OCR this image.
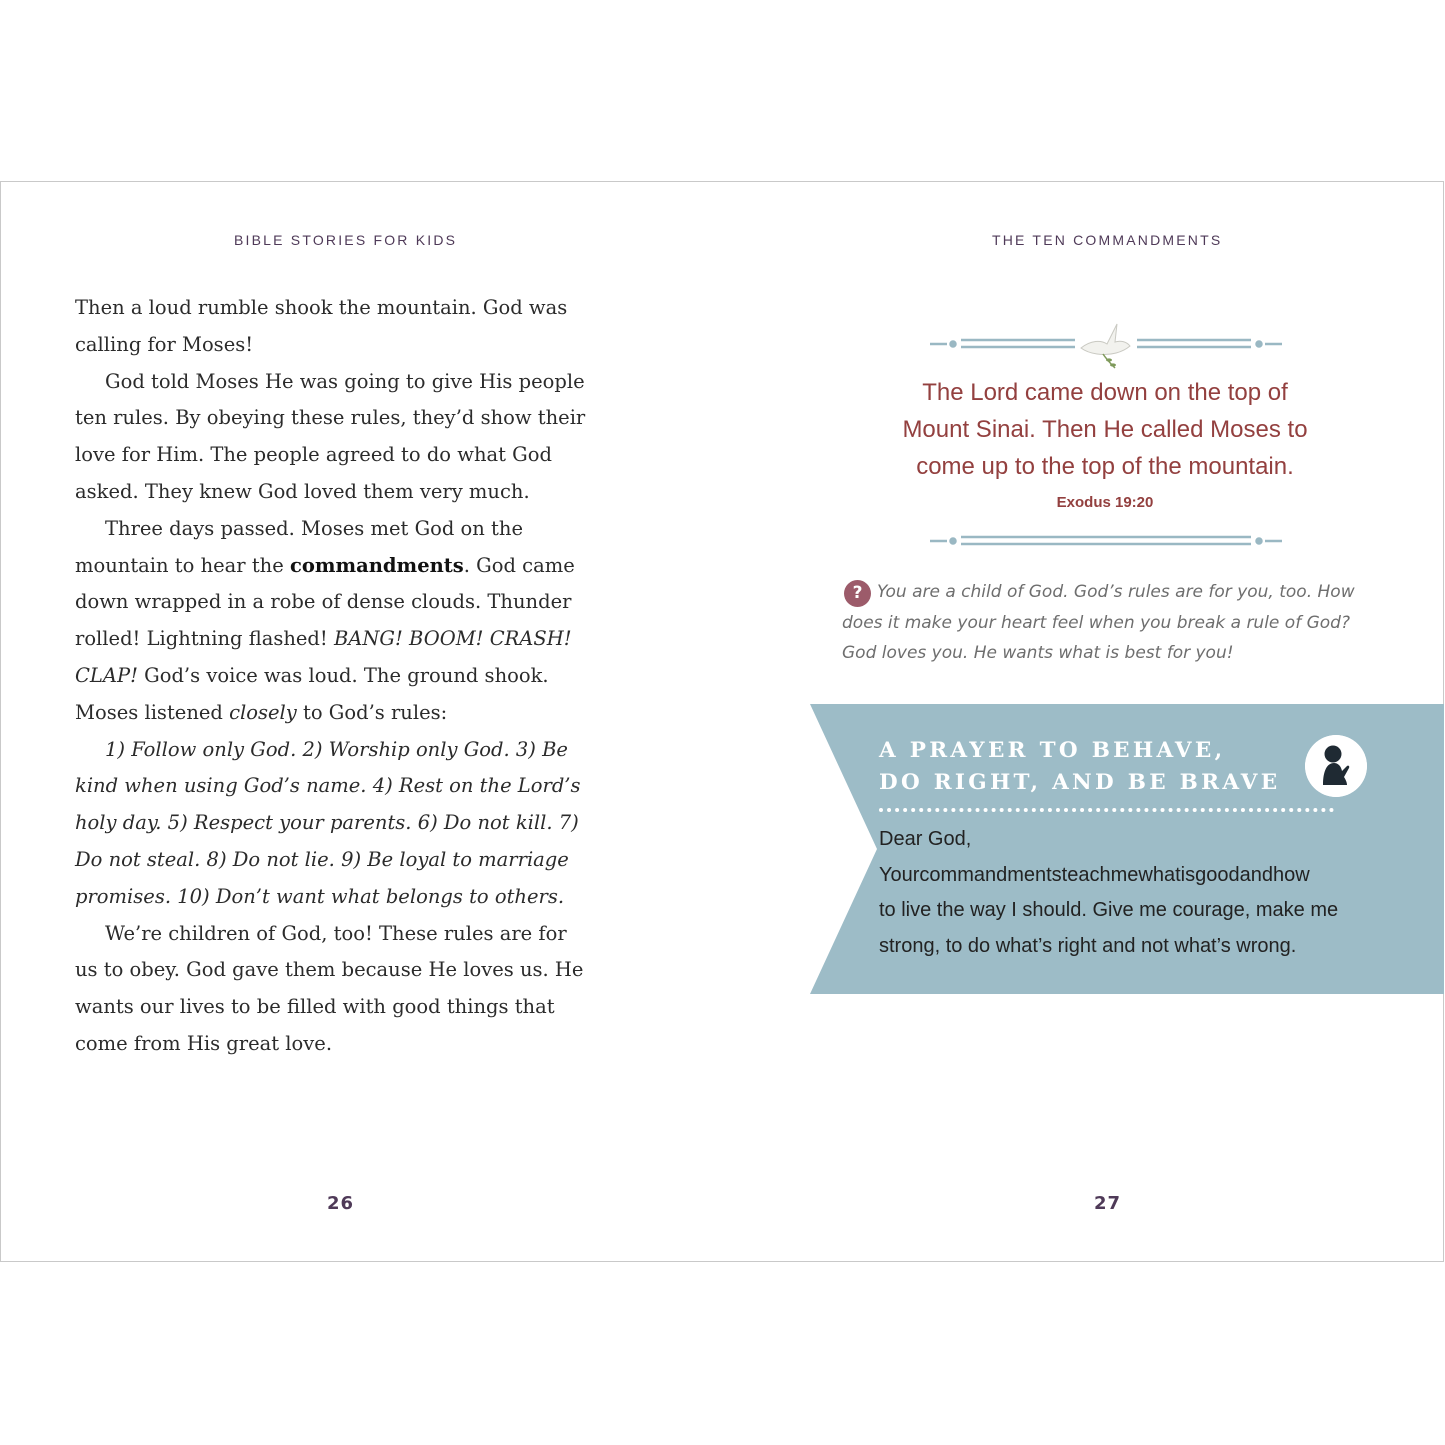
BIBLE STORIES FOR KIDS

Then a loud rumble shook the mountain. God was calling for Moses!

God told Moses He was going to give His people ten rules. By obeying these rules, they’d show their love for Him. The people agreed to do what God asked. They knew God loved them very much.

Three days passed. Moses met God on the mountain to hear the commandments. God came down wrapped in a robe of dense clouds. Thunder rolled! Lightning flashed! BANG! BOOM! CRASH! CLAP! God’s voice was loud. The ground shook. Moses listened closely to God’s rules:

1) Follow only God. 2) Worship only God. 3) Be kind when using God’s name. 4) Rest on the Lord’s holy day. 5) Respect your parents. 6) Do not kill. 7) Do not steal. 8) Do not lie. 9) Be loyal to marriage promises. 10) Don’t want what belongs to others.

We’re children of God, too! These rules are for us to obey. God gave them because He loves us. He wants our lives to be filled with good things that come from His great love.

26
THE TEN COMMANDMENTS
The Lord came down on the top of
Mount Sinai. Then He called Moses to
come up to the top of the mountain.
Exodus 19:20
? You are a child of God. God’s rules are for you, too. How does it make your heart feel when you break a rule of God? God loves you. He wants what is best for you!
A PRAYER TO BEHAVE,
DO RIGHT, AND BE BRAVE

Dear God,

Yourcommandmentsteachmewhatisgoodandhow

to live the way I should. Give me courage, make me

strong, to do what’s right and not what’s wrong.

27
